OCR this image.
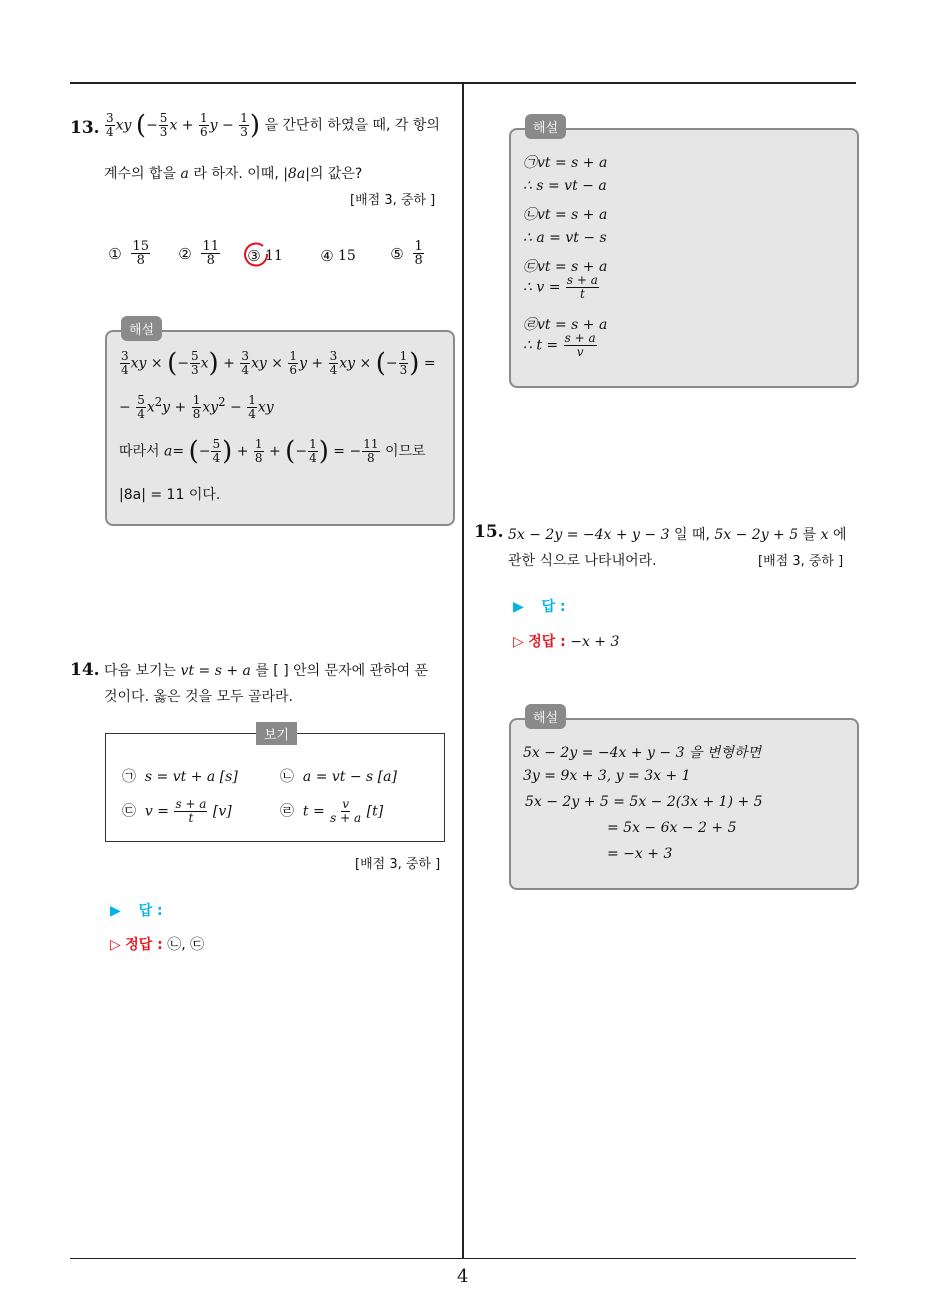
4
13. $\frac{3}{4}$ xy (− $\frac{5}{3}$ $x + \frac{1}{6}$ $y - \frac{1}{3}$ ) 을 간단히 하였을 때, 각 항의
계수의 합을 a 라 하자. 이때, |8a|의 값은?
[배점 3, 중하 ]
① $\frac{15}{8}$ ② $\frac{11}{8}$ ③ 11 ④ 15 ⑤ $\frac{1}{8}$
해설
$\frac{3}{4}$ xy × (− $\frac{5}{3} x) + \frac{3}{4}$ xy × $\frac{1}{6}$ $y + \frac{3}{4}$ xy × (− $\frac{1}{3}$ ) =
− $\frac{5}{4} x^2y + \frac{1}{8} xy^2 - \frac{1}{4}$ xy
따라서 a= (− $\frac{5}{4}$ ) + $\frac{1}{8}$ + (− $\frac{1}{4}$ ) = − $\frac{11}{8}$ 이므로
|8a| = 11 이다.
14. 다음 보기는 vt = s + a 를 [ ] 안의 문자에 관하여 푼
것이다. 옳은 것을 모두 골라라.
보기
㉠ s = vt + a [s]	㉡ a = vt − s [a]
㉢ $v = \frac{s + a}{t} [v]$	㉣ $t = \frac{v}{s + a} [t]$
[배점 3, 중하 ]
▶ 답 :
▷ 정답 : ㉡, ㉢
해설
㉠vt = s + a
∴ s = vt − a
㉡vt = s + a
∴ a = vt − s
㉢vt = s + a
∴ $v = \frac{s + a}{t}$
㉣vt = s + a
∴ $t = \frac{s + a}{v}$
15. 5x − 2y = −4x + y − 3 일 때, 5x − 2y + 5 를 x 에
관한 식으로 나타내어라.	[배점 3, 중하 ]
▶ 답 :
▷ 정답 : −x + 3
해설
5x − 2y = −4x + y − 3 을 변형하면
3y = 9x + 3, y = 3x + 1
5x − 2y + 5 = 5x − 2(3x + 1) + 5
= 5x − 6x − 2 + 5
= −x + 3
